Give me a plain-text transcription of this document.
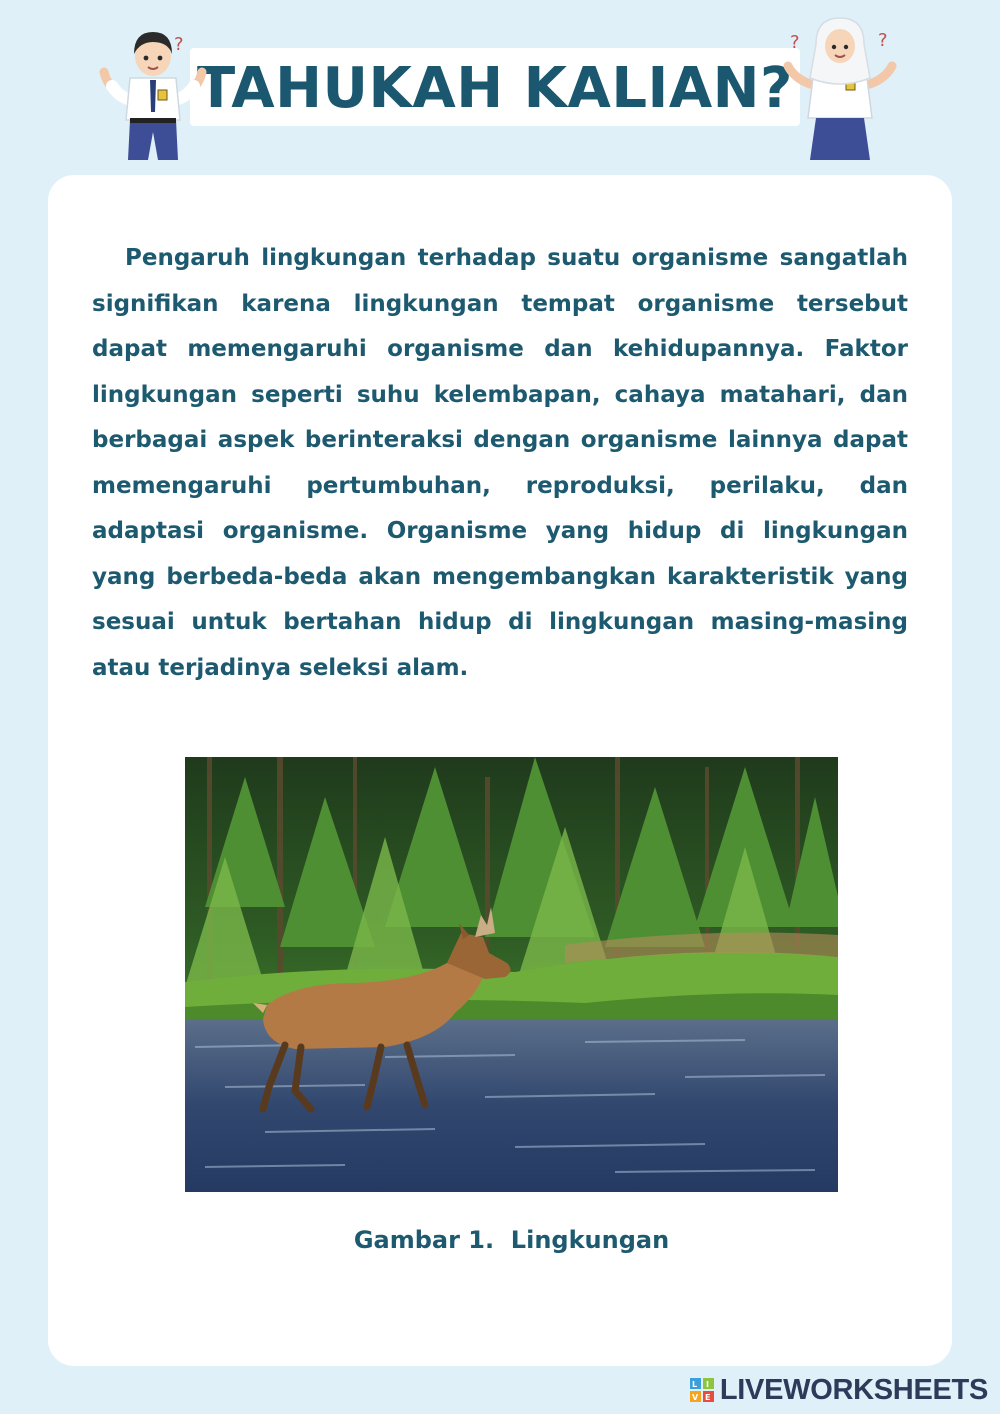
TAHUKAH KALIAN?
?	?	?

Pengaruh lingkungan terhadap suatu organisme sangatlah signifikan karena lingkungan tempat organisme tersebut dapat memengaruhi organisme dan kehidupannya. Faktor lingkungan seperti suhu kelembapan, cahaya matahari, dan berbagai aspek berinteraksi dengan organisme lainnya dapat memengaruhi pertumbuhan, reproduksi, perilaku, dan adaptasi organisme. Organisme yang hidup di lingkungan yang berbeda-beda akan mengembangkan karakteristik yang sesuai untuk bertahan hidup di lingkungan masing-masing atau terjadinya seleksi alam.

Gambar 1.  Lingkungan
L I
V E LIVEWORKSHEETS
